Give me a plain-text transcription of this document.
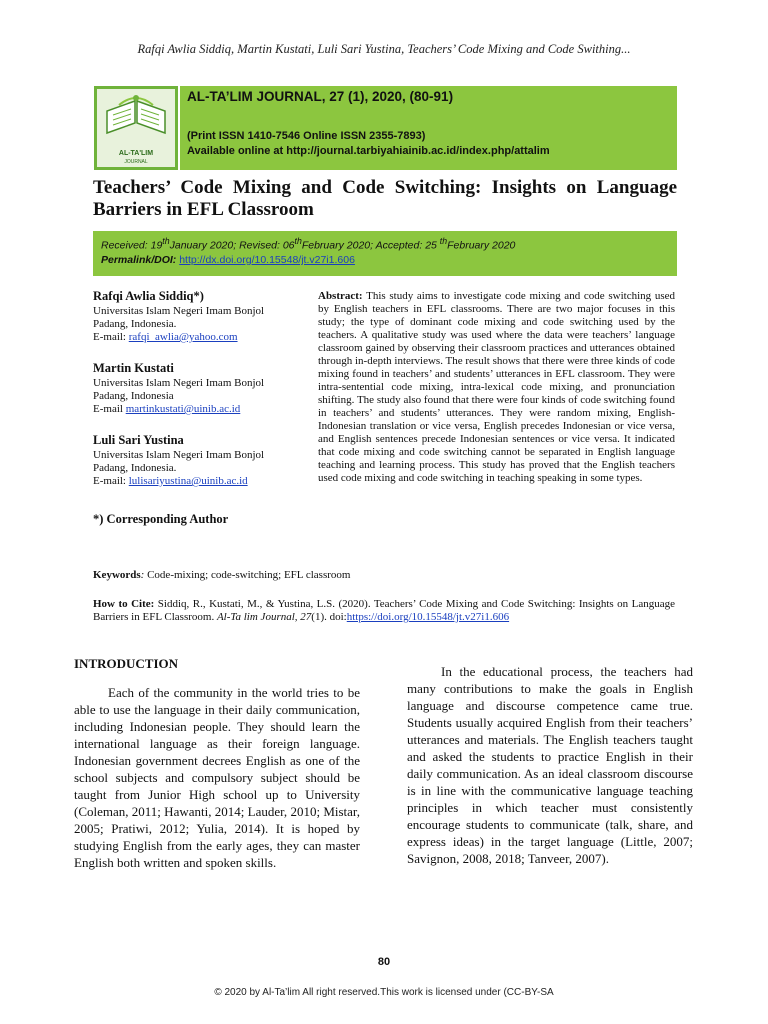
Rafqi Awlia Siddiq, Martin Kustati, Luli Sari Yustina, Teachers’ Code Mixing and Code Swithing...
AL-TA'LIM
JOURNAL
AL-TA’LIM JOURNAL, 27 (1), 2020, (80-91)
(Print ISSN 1410-7546 Online ISSN 2355-7893)
Available online at http://journal.tarbiyahiainib.ac.id/index.php/attalim
Teachers’ Code Mixing and Code Switching: Insights on Language Barriers in EFL Classroom
Received: 19thJanuary 2020; Revised: 06thFebruary 2020; Accepted: 25 $^{th}$February 2020
Permalink/DOI: http://dx.doi.org/10.15548/jt.v27i1.606
Rafqi Awlia Siddiq*)
Universitas Islam Negeri Imam Bonjol
Padang, Indonesia.
E-mail: rafqi_awlia@yahoo.com
Martin Kustati
Universitas Islam Negeri Imam Bonjol
Padang, Indonesia
E-mail martinkustati@uinib.ac.id
Luli Sari Yustina
Universitas Islam Negeri Imam Bonjol
Padang, Indonesia.
E-mail: lulisariyustina@uinib.ac.id
*) Corresponding Author
Abstract: This study aims to investigate code mixing and code switching used by English teachers in EFL classrooms. There are two major focuses in this study; the type of dominant code mixing and code switching used by the teachers. A qualitative study was used where the data were teachers’ language classroom gained by observing their classroom practices and utterances obtained through in-depth interviews. The result shows that there were three kinds of code mixing found in teachers’ and students’ utterances in EFL classroom. They were intra-sentential code mixing, intra-lexical code mixing, and pronunciation shifting. The study also found that there were four kinds of code switching found in teachers’ and students’ utterances. They were random mixing, English-Indonesian translation or vice versa, English precedes Indonesian or vice versa, and English sentences precede Indonesian sentences or vice versa. It indicated that code mixing and code switching cannot be separated in English language teaching and learning process. This study has proved that the English teachers used code mixing and code switching in teaching speaking in some types.
Keywords: Code-mixing; code-switching; EFL classroom
How to Cite: Siddiq, R., Kustati, M., & Yustina, L.S. (2020). Teachers’ Code Mixing and Code Switching: Insights on Language Barriers in EFL Classroom. Al-Ta lim Journal, 27(1). doi:https://doi.org/10.15548/jt.v27i1.606
INTRODUCTION
Each of the community in the world tries to be able to use the language in their daily communication, including Indonesian people. They should learn the international language as their foreign language. Indonesian government decrees English as one of the school subjects and compulsory subject should be taught from Junior High school up to University (Coleman, 2011; Hawanti, 2014; Lauder, 2010; Mistar, 2005; Pratiwi, 2012; Yulia, 2014). It is hoped by studying English from the early ages, they can master English both written and spoken skills.
In the educational process, the teachers had many contributions to make the goals in English language and discourse competence came true. Students usually acquired English from their teachers’ utterances and materials. The English teachers taught and asked the students to practice English in their daily communication. As an ideal classroom discourse is in line with the communicative language teaching principles in which teacher must consistently encourage students to communicate (talk, share, and express ideas) in the target language (Little, 2007; Savignon, 2008, 2018; Tanveer, 2007).
80
© 2020 by Al-Ta’lim All right reserved.This work is licensed under (CC-BY-SA
